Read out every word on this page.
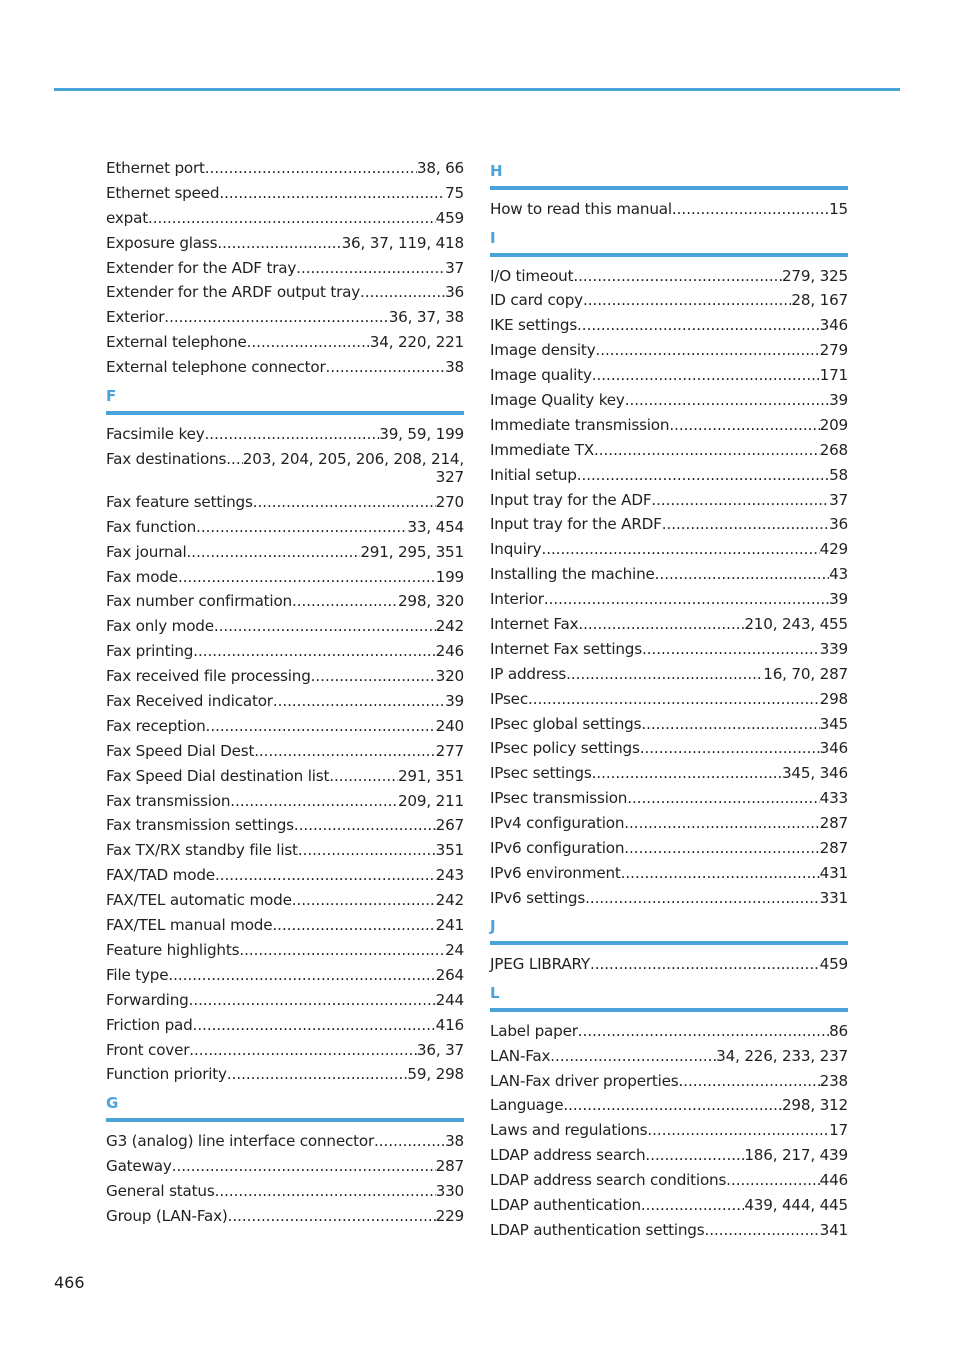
Ethernet port .....	38, 66
Ethernet speed .....	75
expat .....	459
Exposure glass .....	36, 37, 119, 418
Extender for the ADF tray .....	37
Extender for the ARDF output tray .....	36
Exterior .....	36, 37, 38
External telephone .....	34, 220, 221
External telephone connector .....	38
F
Facsimile key .....	39, 59, 199
Fax destinations ..... 203, 204, 205, 206, 208, 214,
327
Fax feature settings .....	270
Fax function .....	33, 454
Fax journal .....	291, 295, 351
Fax mode .....	199
Fax number confirmation .....	298, 320
Fax only mode .....	242
Fax printing .....	246
Fax received file processing .....	320
Fax Received indicator .....	39
Fax reception .....	240
Fax Speed Dial Dest. .....	277
Fax Speed Dial destination list .....	291, 351
Fax transmission .....	209, 211
Fax transmission settings .....	267
Fax TX/RX standby file list .....	351
FAX/TAD mode .....	243
FAX/TEL automatic mode .....	242
FAX/TEL manual mode .....	241
Feature highlights .....	24
File type .....	264
Forwarding .....	244
Friction pad .....	416
Front cover .....	36, 37
Function priority .....	59, 298
G
G3 (analog) line interface connector .....	38
Gateway .....	287
General status .....	330
Group (LAN-Fax) .....	229
H
How to read this manual .....	15
I
I/O timeout .....	279, 325
ID card copy .....	28, 167
IKE settings .....	346
Image density .....	279
Image quality .....	171
Image Quality key .....	39
Immediate transmission .....	209
Immediate TX .....	268
Initial setup .....	58
Input tray for the ADF .....	37
Input tray for the ARDF .....	36
Inquiry .....	429
Installing the machine .....	43
Interior .....	39
Internet Fax .....	210, 243, 455
Internet Fax settings .....	339
IP address .....	16, 70, 287
IPsec .....	298
IPsec global settings .....	345
IPsec policy settings .....	346
IPsec settings .....	345, 346
IPsec transmission .....	433
IPv4 configuration .....	287
IPv6 configuration .....	287
IPv6 environment .....	431
IPv6 settings .....	331
J
JPEG LIBRARY .....	459
L
Label paper .....	86
LAN-Fax .....	34, 226, 233, 237
LAN-Fax driver properties .....	238
Language .....	298, 312
Laws and regulations .....	17
LDAP address search .....	186, 217, 439
LDAP address search conditions .....	446
LDAP authentication .....	439, 444, 445
LDAP authentication settings .....	341
466
